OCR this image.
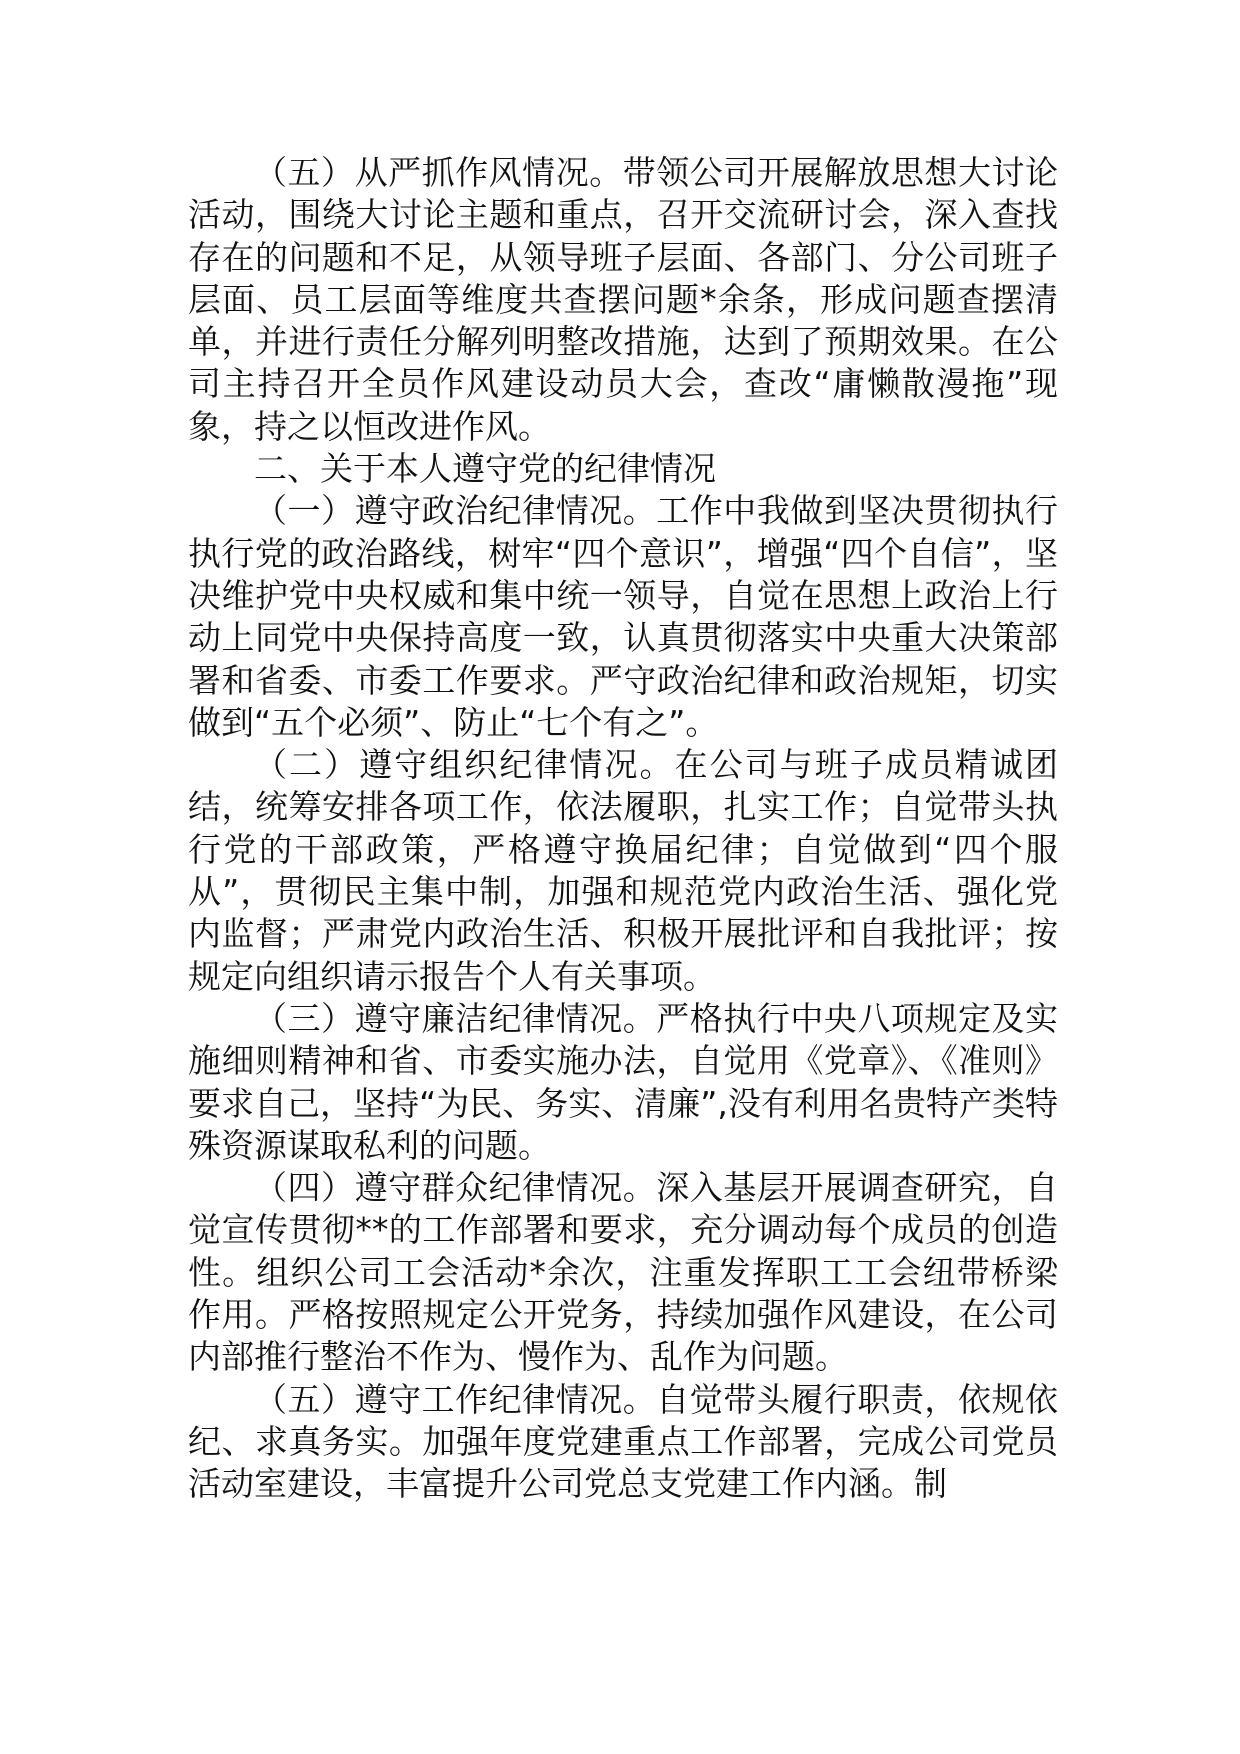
（五）从严抓作风情况。带领公司开展解放思想大讨论活动，围绕大讨论主题和重点，召开交流研讨会，深入查找存在的问题和不足，从领导班子层面、各部门、分公司班子层面、员工层面等维度共查摆问题*余条，形成问题查摆清单，并进行责任分解列明整改措施，达到了预期效果。在公司主持召开全员作风建设动员大会，查改“庸懒散漫拖”现象，持之以恒改进作风。

二、关于本人遵守党的纪律情况

（一）遵守政治纪律情况。工作中我做到坚决贯彻执行执行党的政治路线，树牢“四个意识”，增强“四个自信”，坚决维护党中央权威和集中统一领导，自觉在思想上政治上行动上同党中央保持高度一致，认真贯彻落实中央重大决策部署和省委、市委工作要求。严守政治纪律和政治规矩，切实做到“五个必须”、防止“七个有之”。

（二）遵守组织纪律情况。在公司与班子成员精诚团结，统筹安排各项工作，依法履职，扎实工作；自觉带头执行党的干部政策，严格遵守换届纪律；自觉做到“四个服从”，贯彻民主集中制，加强和规范党内政治生活、强化党内监督；严肃党内政治生活、积极开展批评和自我批评；按规定向组织请示报告个人有关事项。

（三）遵守廉洁纪律情况。严格执行中央八项规定及实施细则精神和省、市委实施办法，自觉用《党章》、《准则》要求自己，坚持“为民、务实、清廉”,没有利用名贵特产类特殊资源谋取私利的问题。

（四）遵守群众纪律情况。深入基层开展调查研究，自觉宣传贯彻**的工作部署和要求，充分调动每个成员的创造性。组织公司工会活动*余次，注重发挥职工工会纽带桥梁作用。严格按照规定公开党务，持续加强作风建设，在公司内部推行整治不作为、慢作为、乱作为问题。

（五）遵守工作纪律情况。自觉带头履行职责，依规依纪、求真务实。加强年度党建重点工作部署，完成公司党员活动室建设，丰富提升公司党总支党建工作内涵。制
